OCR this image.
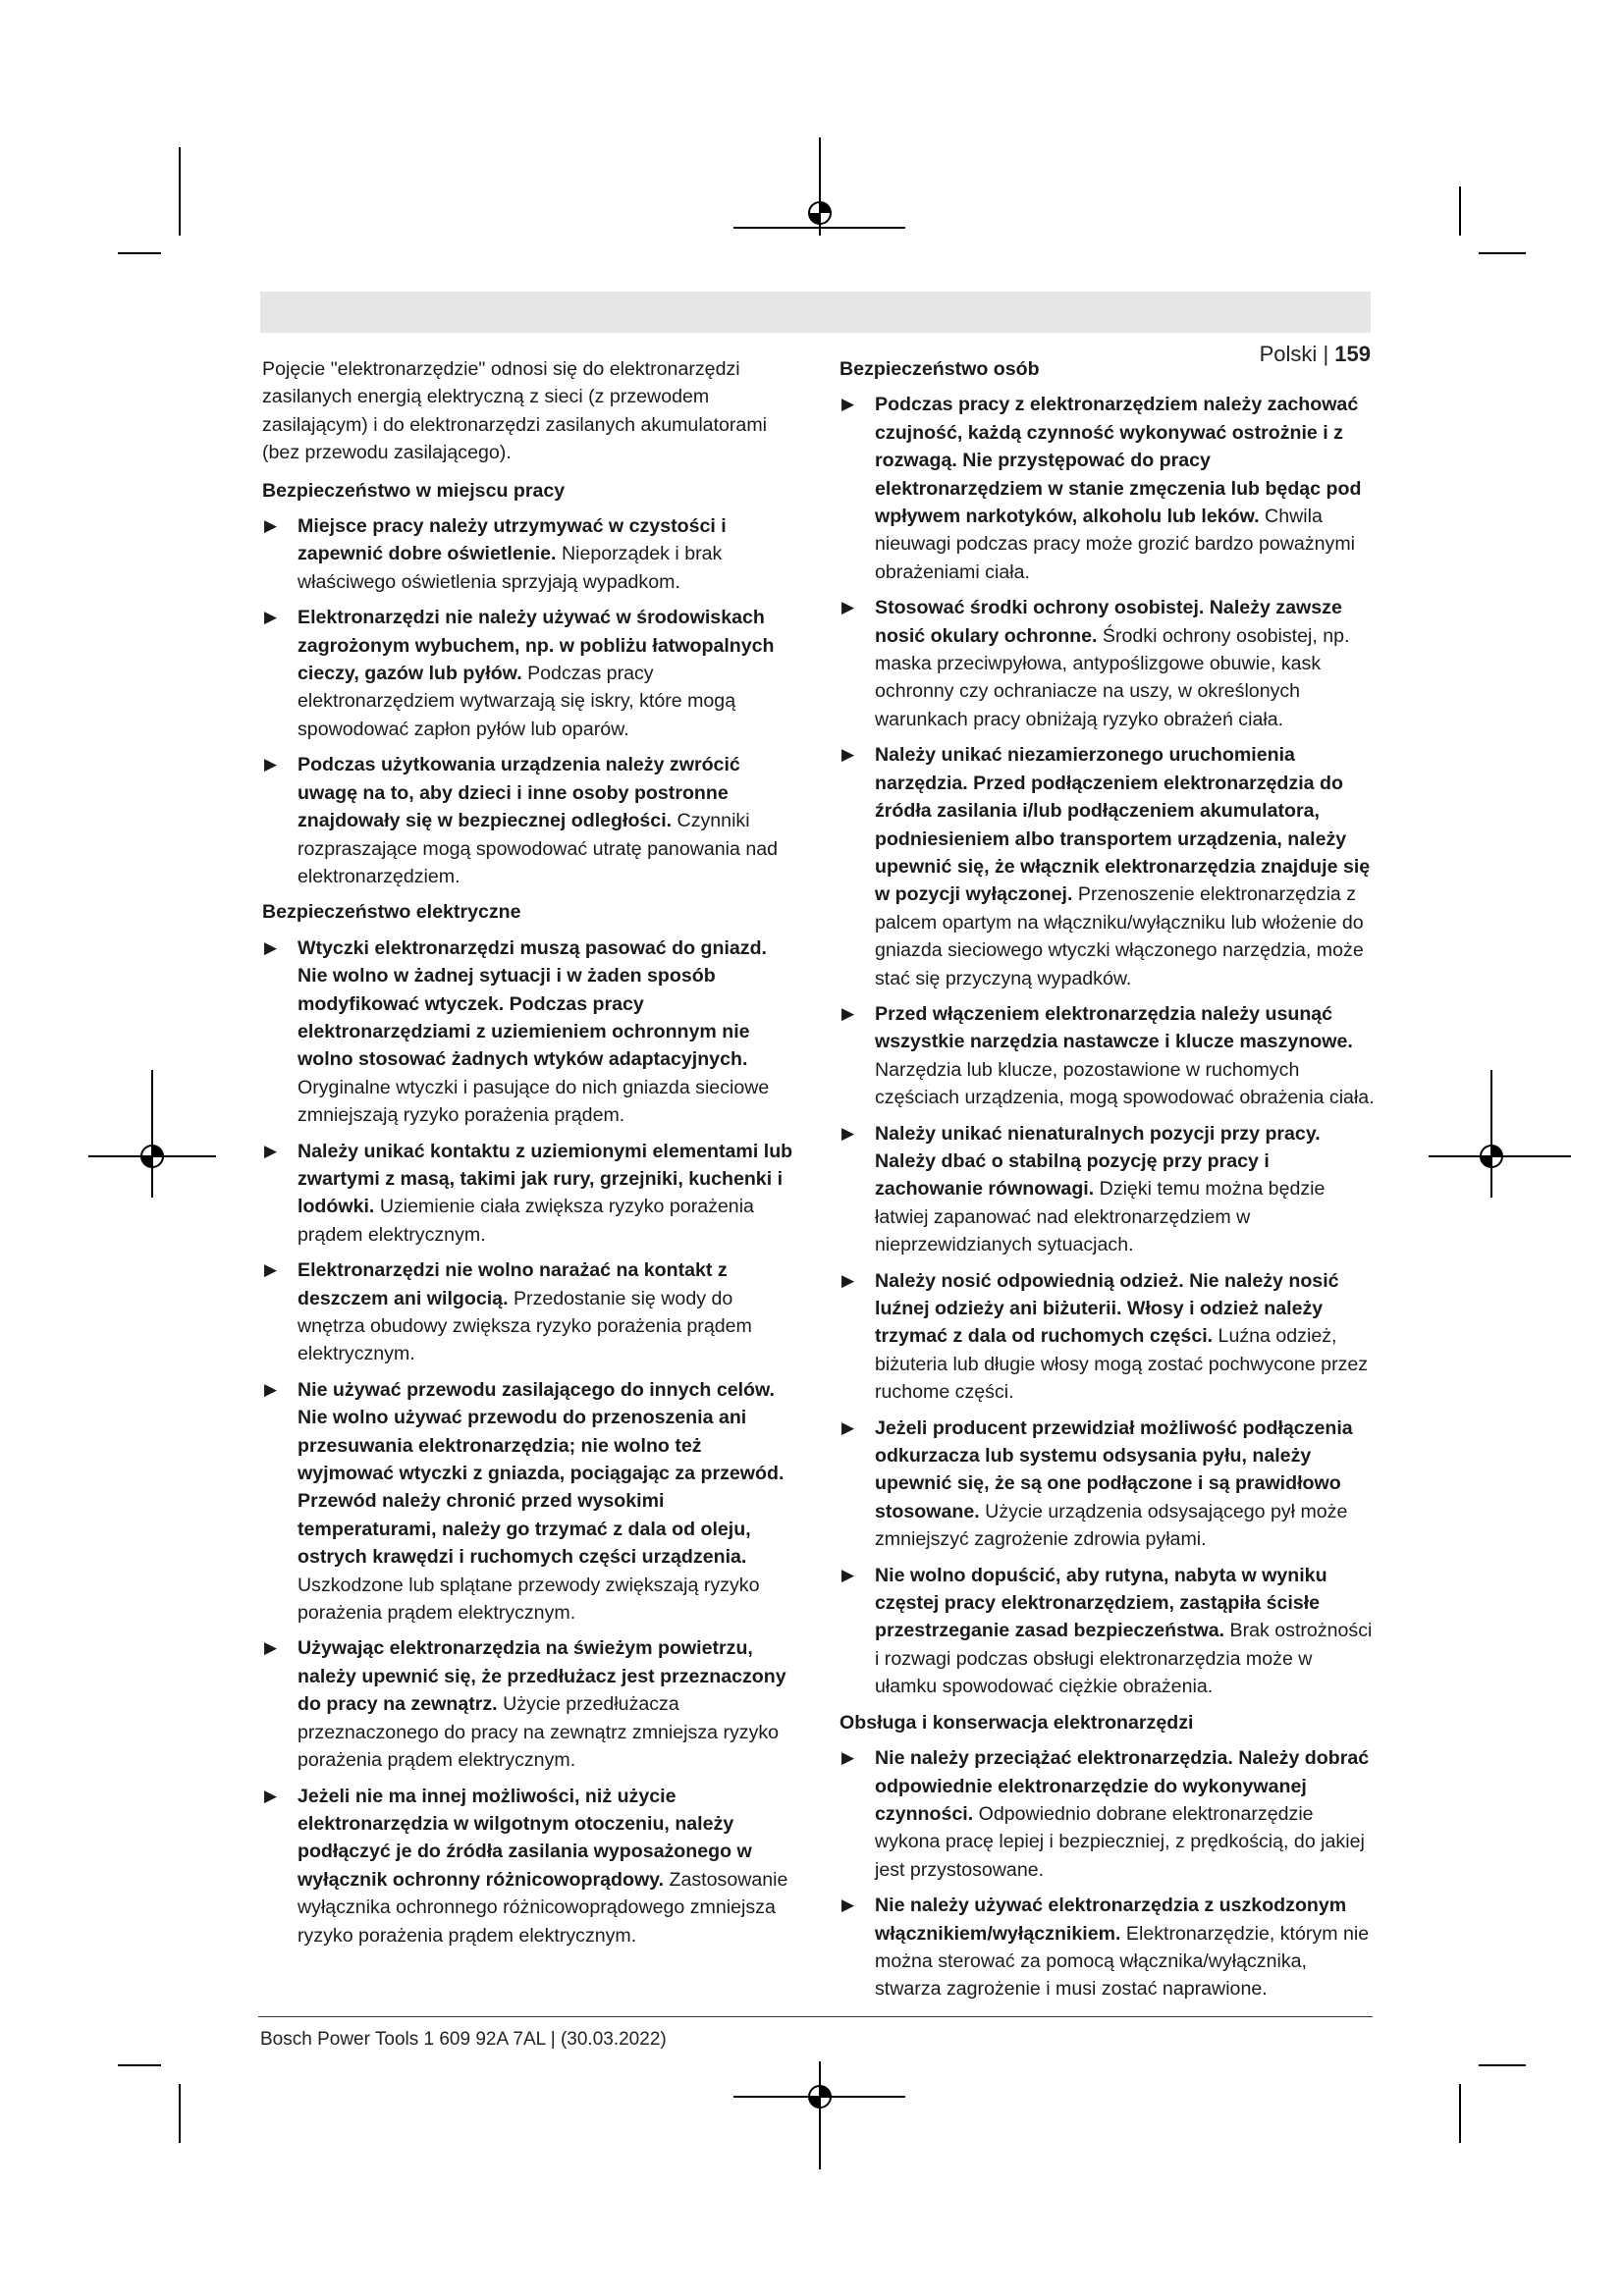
Polski | 159

Pojęcie "elektronarzędzie" odnosi się do elektronarzędzi zasilanych energią elektryczną z sieci (z przewodem zasilającym) i do elektronarzędzi zasilanych akumulatorami (bez przewodu zasilającego).

Bezpieczeństwo w miejscu pracy

▶ Miejsce pracy należy utrzymywać w czystości i zapewnić dobre oświetlenie. Nieporządek i brak właściwego oświetlenia sprzyjają wypadkom.
▶ Elektronarzędzi nie należy używać w środowiskach zagrożonym wybuchem, np. w pobliżu łatwopalnych cieczy, gazów lub pyłów. Podczas pracy elektronarzędziem wytwarzają się iskry, które mogą spowodować zapłon pyłów lub oparów.
▶ Podczas użytkowania urządzenia należy zwrócić uwagę na to, aby dzieci i inne osoby postronne znajdowały się w bezpiecznej odległości. Czynniki rozpraszające mogą spowodować utratę panowania nad elektronarzędziem.

Bezpieczeństwo elektryczne

▶ Wtyczki elektronarzędzi muszą pasować do gniazd. Nie wolno w żadnej sytuacji i w żaden sposób modyfikować wtyczek. Podczas pracy elektronarzędziami z uziemieniem ochronnym nie wolno stosować żadnych wtyków adaptacyjnych. Oryginalne wtyczki i pasujące do nich gniazda sieciowe zmniejszają ryzyko porażenia prądem.
▶ Należy unikać kontaktu z uziemionymi elementami lub zwartymi z masą, takimi jak rury, grzejniki, kuchenki i lodówki. Uziemienie ciała zwiększa ryzyko porażenia prądem elektrycznym.
▶ Elektronarzędzi nie wolno narażać na kontakt z deszczem ani wilgocią. Przedostanie się wody do wnętrza obudowy zwiększa ryzyko porażenia prądem elektrycznym.
▶ Nie używać przewodu zasilającego do innych celów. Nie wolno używać przewodu do przenoszenia ani przesuwania elektronarzędzia; nie wolno też wyjmować wtyczki z gniazda, pociągając za przewód. Przewód należy chronić przed wysokimi temperaturami, należy go trzymać z dala od oleju, ostrych krawędzi i ruchomych części urządzenia. Uszkodzone lub splątane przewody zwiększają ryzyko porażenia prądem elektrycznym.
▶ Używając elektronarzędzia na świeżym powietrzu, należy upewnić się, że przedłużacz jest przeznaczony do pracy na zewnątrz. Użycie przedłużacza przeznaczonego do pracy na zewnątrz zmniejsza ryzyko porażenia prądem elektrycznym.
▶ Jeżeli nie ma innej możliwości, niż użycie elektronarzędzia w wilgotnym otoczeniu, należy podłączyć je do źródła zasilania wyposażonego w wyłącznik ochronny różnicowoprądowy. Zastosowanie wyłącznika ochronnego różnicowoprądowego zmniejsza ryzyko porażenia prądem elektrycznym.

Bezpieczeństwo osób

▶ Podczas pracy z elektronarzędziem należy zachować czujność, każdą czynność wykonywać ostrożnie i z rozwagą. Nie przystępować do pracy elektronarzędziem w stanie zmęczenia lub będąc pod wpływem narkotyków, alkoholu lub leków. Chwila nieuwagi podczas pracy może grozić bardzo poważnymi obrażeniami ciała.
▶ Stosować środki ochrony osobistej. Należy zawsze nosić okulary ochronne. Środki ochrony osobistej, np. maska przeciwpyłowa, antypoślizgowe obuwie, kask ochronny czy ochraniacze na uszy, w określonych warunkach pracy obniżają ryzyko obrażeń ciała.
▶ Należy unikać niezamierzonego uruchomienia narzędzia. Przed podłączeniem elektronarzędzia do źródła zasilania i/lub podłączeniem akumulatora, podniesieniem albo transportem urządzenia, należy upewnić się, że włącznik elektronarzędzia znajduje się w pozycji wyłączonej. Przenoszenie elektronarzędzia z palcem opartym na włączniku/wyłączniku lub włożenie do gniazda sieciowego wtyczki włączonego narzędzia, może stać się przyczyną wypadków.
▶ Przed włączeniem elektronarzędzia należy usunąć wszystkie narzędzia nastawcze i klucze maszynowe. Narzędzia lub klucze, pozostawione w ruchomych częściach urządzenia, mogą spowodować obrażenia ciała.
▶ Należy unikać nienaturalnych pozycji przy pracy. Należy dbać o stabilną pozycję przy pracy i zachowanie równowagi. Dzięki temu można będzie łatwiej zapanować nad elektronarzędziem w nieprzewidzianych sytuacjach.
▶ Należy nosić odpowiednią odzież. Nie należy nosić luźnej odzieży ani biżuterii. Włosy i odzież należy trzymać z dala od ruchomych części. Luźna odzież, biżuteria lub długie włosy mogą zostać pochwycone przez ruchome części.
▶ Jeżeli producent przewidział możliwość podłączenia odkurzacza lub systemu odsysania pyłu, należy upewnić się, że są one podłączone i są prawidłowo stosowane. Użycie urządzenia odsysającego pył może zmniejszyć zagrożenie zdrowia pyłami.
▶ Nie wolno dopuścić, aby rutyna, nabyta w wyniku częstej pracy elektronarzędziem, zastąpiła ścisłe przestrzeganie zasad bezpieczeństwa. Brak ostrożności i rozwagi podczas obsługi elektronarzędzia może w ułamku spowodować ciężkie obrażenia.

Obsługa i konserwacja elektronarzędzi

▶ Nie należy przeciążać elektronarzędzia. Należy dobrać odpowiednie elektronarzędzie do wykonywanej czynności. Odpowiednio dobrane elektronarzędzie wykona pracę lepiej i bezpieczniej, z prędkością, do jakiej jest przystosowane.
▶ Nie należy używać elektronarzędzia z uszkodzonym włącznikiem/wyłącznikiem. Elektronarzędzie, którym nie można sterować za pomocą włącznika/wyłącznika, stwarza zagrożenie i musi zostać naprawione.
Bosch Power Tools 1 609 92A 7AL | (30.03.2022)
